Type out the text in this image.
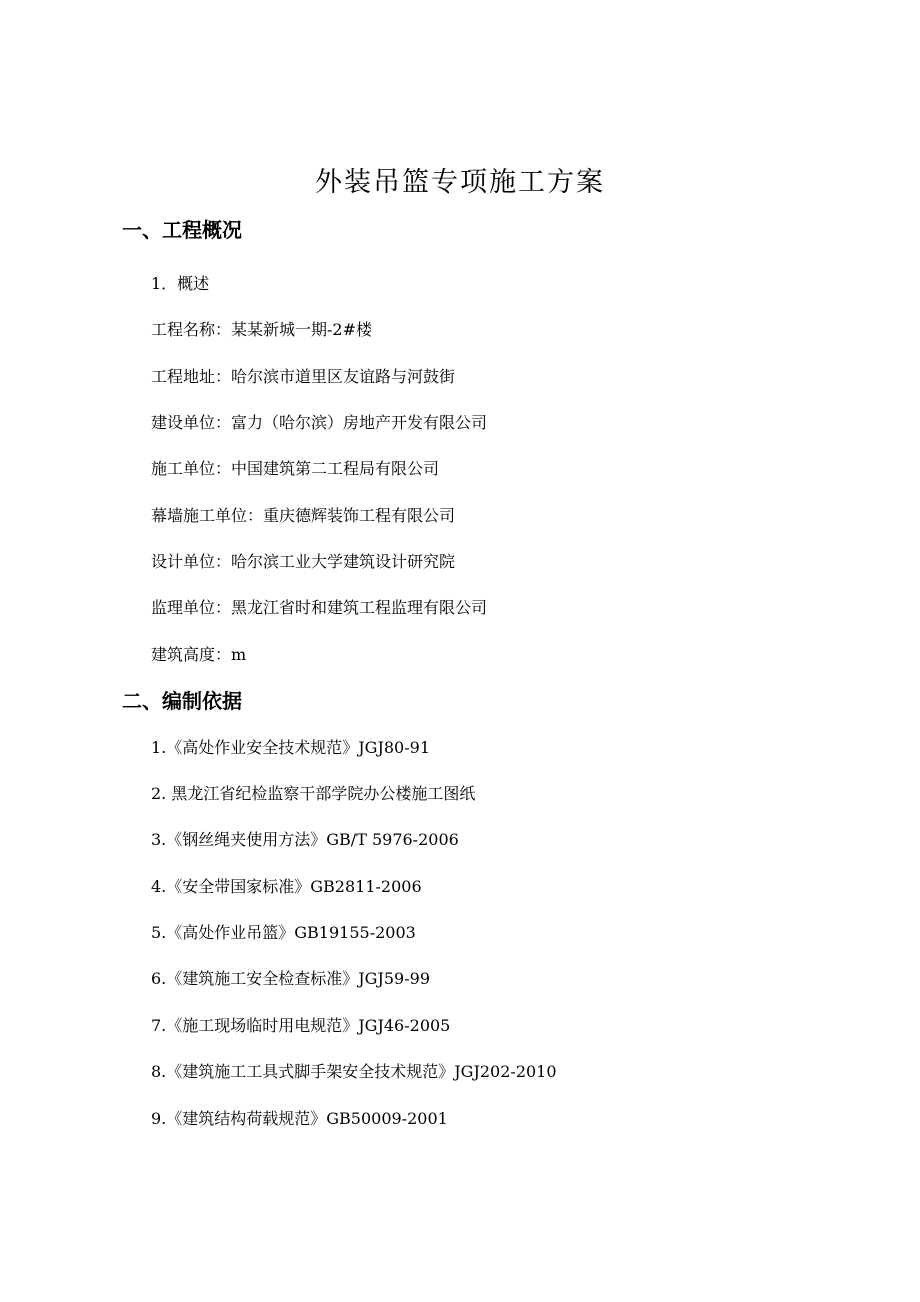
外装吊篮专项施工方案
一、工程概况
1．概述
工程名称：某某新城一期-2#楼
工程地址：哈尔滨市道里区友谊路与河鼓街
建设单位：富力（哈尔滨）房地产开发有限公司
施工单位：中国建筑第二工程局有限公司
幕墙施工单位：重庆德辉装饰工程有限公司
设计单位：哈尔滨工业大学建筑设计研究院
监理单位：黑龙江省时和建筑工程监理有限公司
建筑高度：m
二、编制依据
1.《高处作业安全技术规范》JGJ80-91
2. 黑龙江省纪检监察干部学院办公楼施工图纸
3.《钢丝绳夹使用方法》GB/T 5976-2006
4.《安全带国家标准》GB2811-2006
5.《高处作业吊篮》GB19155-2003
6.《建筑施工安全检查标准》JGJ59-99
7.《施工现场临时用电规范》JGJ46-2005
8.《建筑施工工具式脚手架安全技术规范》JGJ202-2010
9.《建筑结构荷载规范》GB50009-2001
